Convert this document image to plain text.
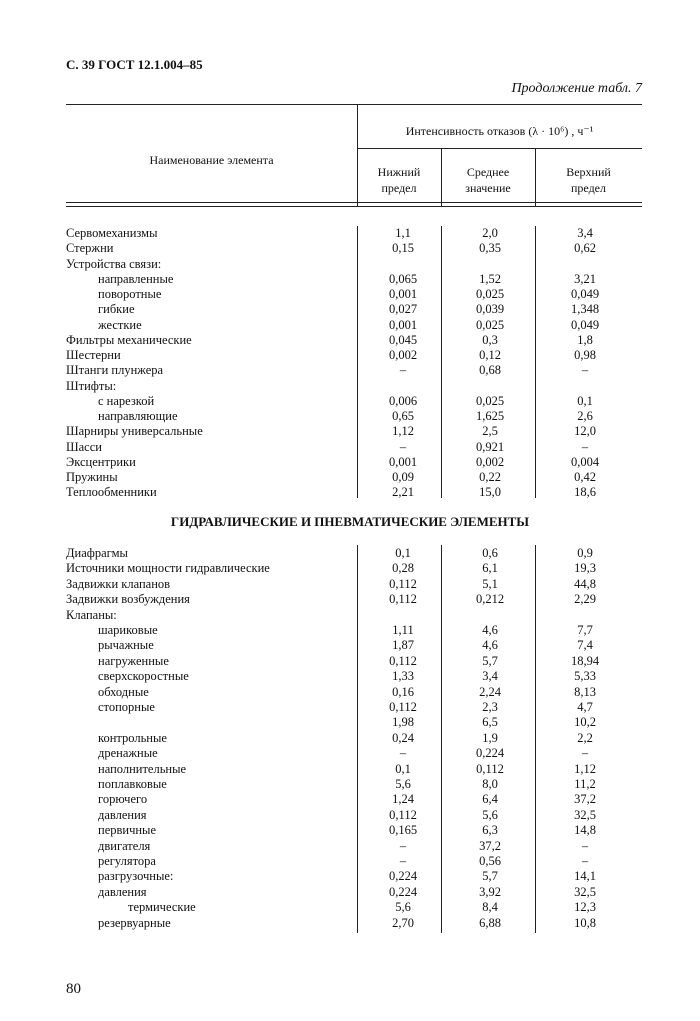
С. 39 ГОСТ 12.1.004–85
Продолжение табл. 7
Наименование элемента
Интенсивность отказов (λ · 10⁶) , ч⁻¹
Нижний
предел
Среднее
значение
Верхний
предел
Сервомеханизмы	1,1	2,0	3,4
Стержни	0,15	0,35	0,62
Устройства связи:
направленные	0,065	1,52	3,21
поворотные	0,001	0,025	0,049
гибкие	0,027	0,039	1,348
жесткие	0,001	0,025	0,049
Фильтры механические	0,045	0,3	1,8
Шестерни	0,002	0,12	0,98
Штанги плунжера	–	0,68	–
Штифты:
с нарезкой	0,006	0,025	0,1
направляющие	0,65	1,625	2,6
Шарниры универсальные	1,12	2,5	12,0
Шасси	–	0,921	–
Эксцентрики	0,001	0,002	0,004
Пружины	0,09	0,22	0,42
Теплообменники	2,21	15,0	18,6
ГИДРАВЛИЧЕСКИЕ И ПНЕВМАТИЧЕСКИЕ ЭЛЕМЕНТЫ
Диафрагмы	0,1	0,6	0,9
Источники мощности гидравлические	0,28	6,1	19,3
Задвижки клапанов	0,112	5,1	44,8
Задвижки возбуждения	0,112	0,212	2,29
Клапаны:
шариковые	1,11	4,6	7,7
рычажные	1,87	4,6	7,4
нагруженные	0,112	5,7	18,94
сверхскоростные	1,33	3,4	5,33
обходные	0,16	2,24	8,13
стопорные	0,112	2,3	4,7
1,98	6,5	10,2
контрольные	0,24	1,9	2,2
дренажные	–	0,224	–
наполнительные	0,1	0,112	1,12
поплавковые	5,6	8,0	11,2
горючего	1,24	6,4	37,2
давления	0,112	5,6	32,5
первичные	0,165	6,3	14,8
двигателя	–	37,2	–
регулятора	–	0,56	–
разгрузочные:	0,224	5,7	14,1
давления	0,224	3,92	32,5
термические	5,6	8,4	12,3
резервуарные	2,70	6,88	10,8
80
